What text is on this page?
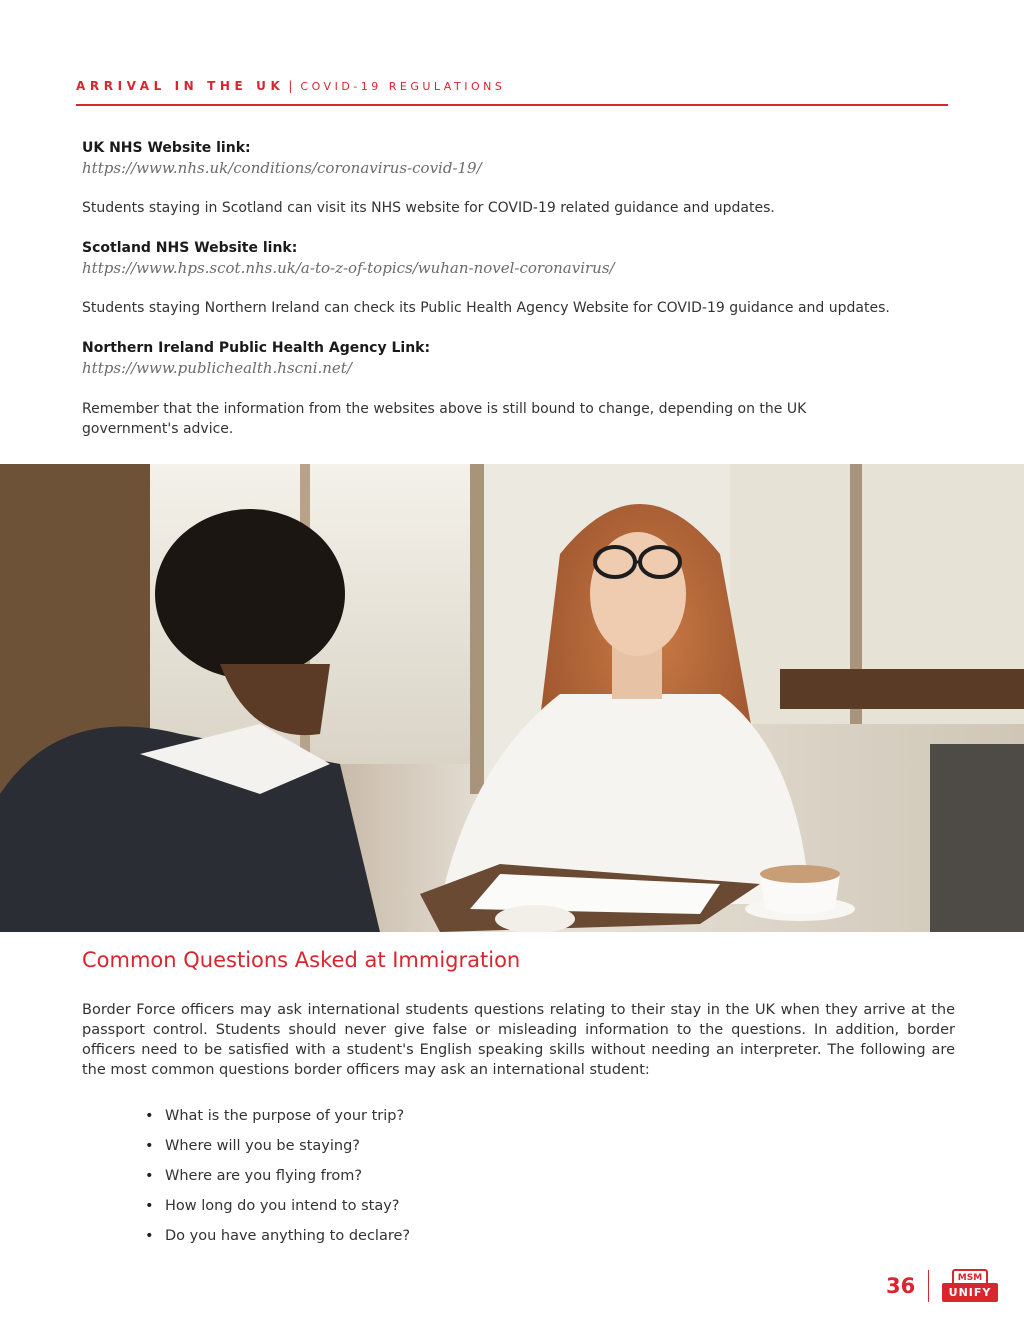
ARRIVAL IN THE UK | COVID-19 REGULATIONS
UK NHS Website link:
https://www.nhs.uk/conditions/coronavirus-covid-19/
Students staying in Scotland can visit its NHS website for COVID-19 related guidance and updates.
Scotland NHS Website link:
https://www.hps.scot.nhs.uk/a-to-z-of-topics/wuhan-novel-coronavirus/
Students staying Northern Ireland can check its Public Health Agency Website for COVID-19 guidance and updates.
Northern Ireland Public Health Agency Link:
https://www.publichealth.hscni.net/
Remember that the information from the websites above is still bound to change, depending on the UK government's advice.
Common Questions Asked at Immigration
Border Force officers may ask international students questions relating to their stay in the UK when they arrive at the passport control. Students should never give false or misleading information to the questions. In addition, border officers need to be satisfied with a student's English speaking skills without needing an interpreter. The following are the most common questions border officers may ask an international student:
• What is the purpose of your trip?
• Where will you be staying?
• Where are you flying from?
• How long do you intend to stay?
• Do you have anything to declare?
36	MSM
UNIFY
